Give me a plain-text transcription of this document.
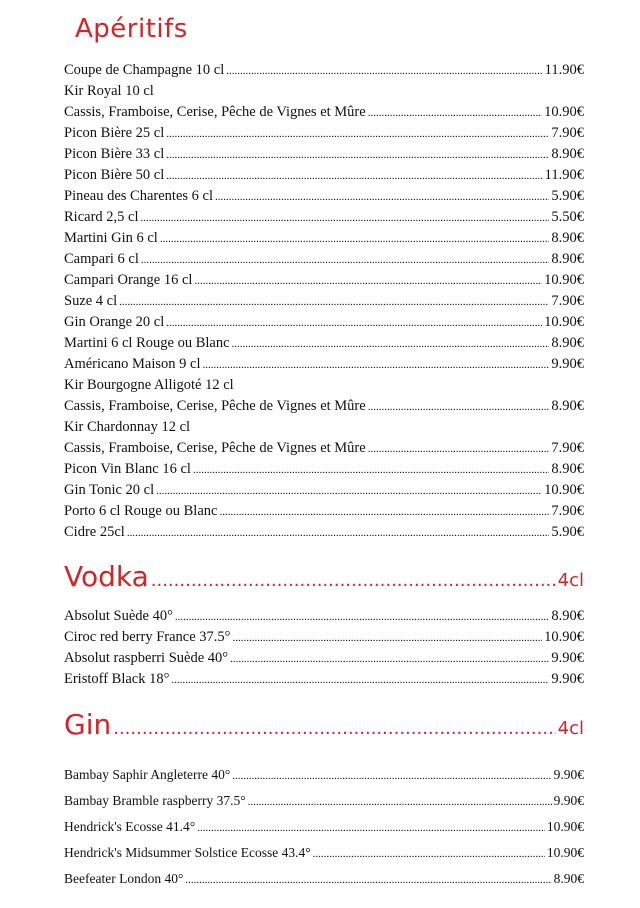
Apéritifs
Coupe de Champagne 10 cl .....	11.90€
Kir Royal 10 cl
Cassis, Framboise, Cerise, Pêche de Vignes et Mûre .....	10.90€
Picon Bière 25 cl .....	7.90€
Picon Bière 33 cl .....	8.90€
Picon Bière 50 cl .....	11.90€
Pineau des Charentes 6 cl .....	5.90€
Ricard 2,5 cl .....	5.50€
Martini Gin 6 cl .....	8.90€
Campari 6 cl .....	8.90€
Campari Orange 16 cl .....	10.90€
Suze 4 cl .....	7.90€
Gin Orange 20 cl .....	10.90€
Martini 6 cl Rouge ou Blanc .....	8.90€
Américano Maison 9 cl .....	9.90€
Kir Bourgogne Alligoté 12 cl
Cassis, Framboise, Cerise, Pêche de Vignes et Mûre .....	8.90€
Kir Chardonnay 12 cl
Cassis, Framboise, Cerise, Pêche de Vignes et Mûre .....	7.90€
Picon Vin Blanc 16 cl .....	8.90€
Gin Tonic 20 cl .....	10.90€
Porto 6 cl Rouge ou Blanc .....	7.90€
Cidre 25cl .....	5.90€
Vodka .....	4cl
Absolut Suède 40° .....	8.90€
Ciroc red berry France 37.5° .....	10.90€
Absolut raspberri Suède 40° .....	9.90€
Eristoff Black 18° .....	9.90€
Gin .....	4cl
Bambay Saphir Angleterre 40° .....	9.90€
Bambay Bramble raspberry 37.5° .....	9.90€
Hendrick's Ecosse 41.4° .....	10.90€
Hendrick's Midsummer Solstice Ecosse 43.4° .....	10.90€
Beefeater London 40° .....	8.90€
